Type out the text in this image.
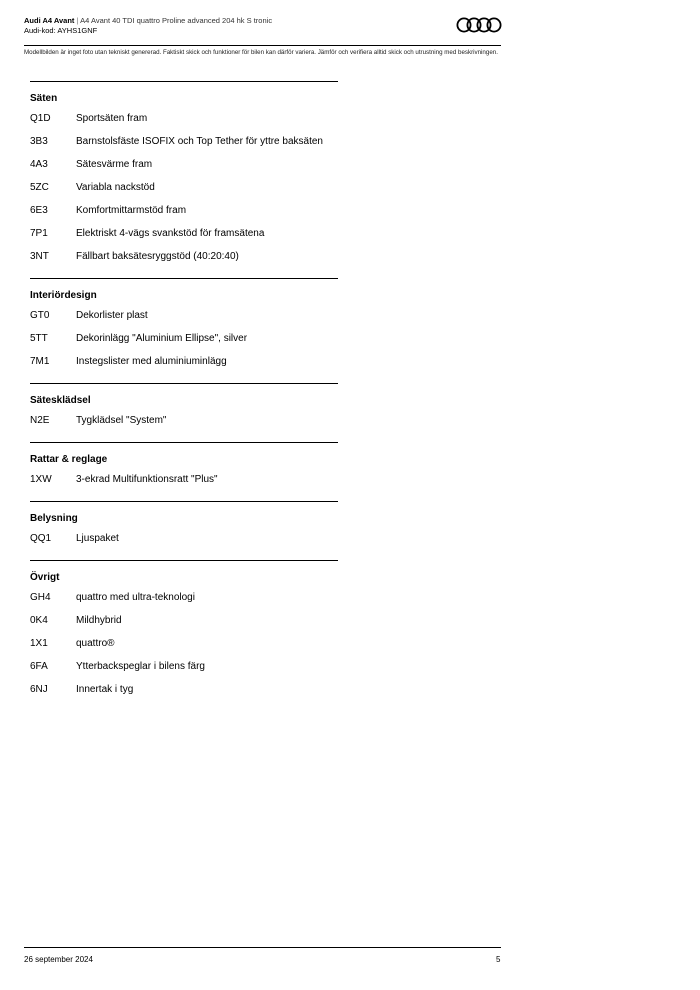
Audi A4 Avant | A4 Avant 40 TDI quattro Proline advanced 204 hk S tronic
Audi-kod: AYHS1GNF
Modellbilden är inget foto utan tekniskt genererad. Faktiskt skick och funktioner för bilen kan därför variera. Jämför och verifiera alltid skick och utrustning med beskrivningen.
Säten
Q1D	Sportsäten fram
3B3	Barnstolsfäste ISOFIX och Top Tether för yttre baksäten
4A3	Sätesvärme fram
5ZC	Variabla nackstöd
6E3	Komfortmittarmstöd fram
7P1	Elektriskt 4-vägs svankstöd för framsätena
3NT	Fällbart baksätesryggstöd (40:20:40)
Interiördesign
GT0	Dekorlister plast
5TT	Dekorinlägg "Aluminium Ellipse", silver
7M1	Instegslister med aluminiuminlägg
Sätesklädsel
N2E	Tygklädsel "System"
Rattar & reglage
1XW	3-ekrad Multifunktionsratt "Plus"
Belysning
QQ1	Ljuspaket
Övrigt
GH4	quattro med ultra-teknologi
0K4	Mildhybrid
1X1	quattro®
6FA	Ytterbackspeglar i bilens färg
6NJ	Innertak i tyg
26 september 2024	5
